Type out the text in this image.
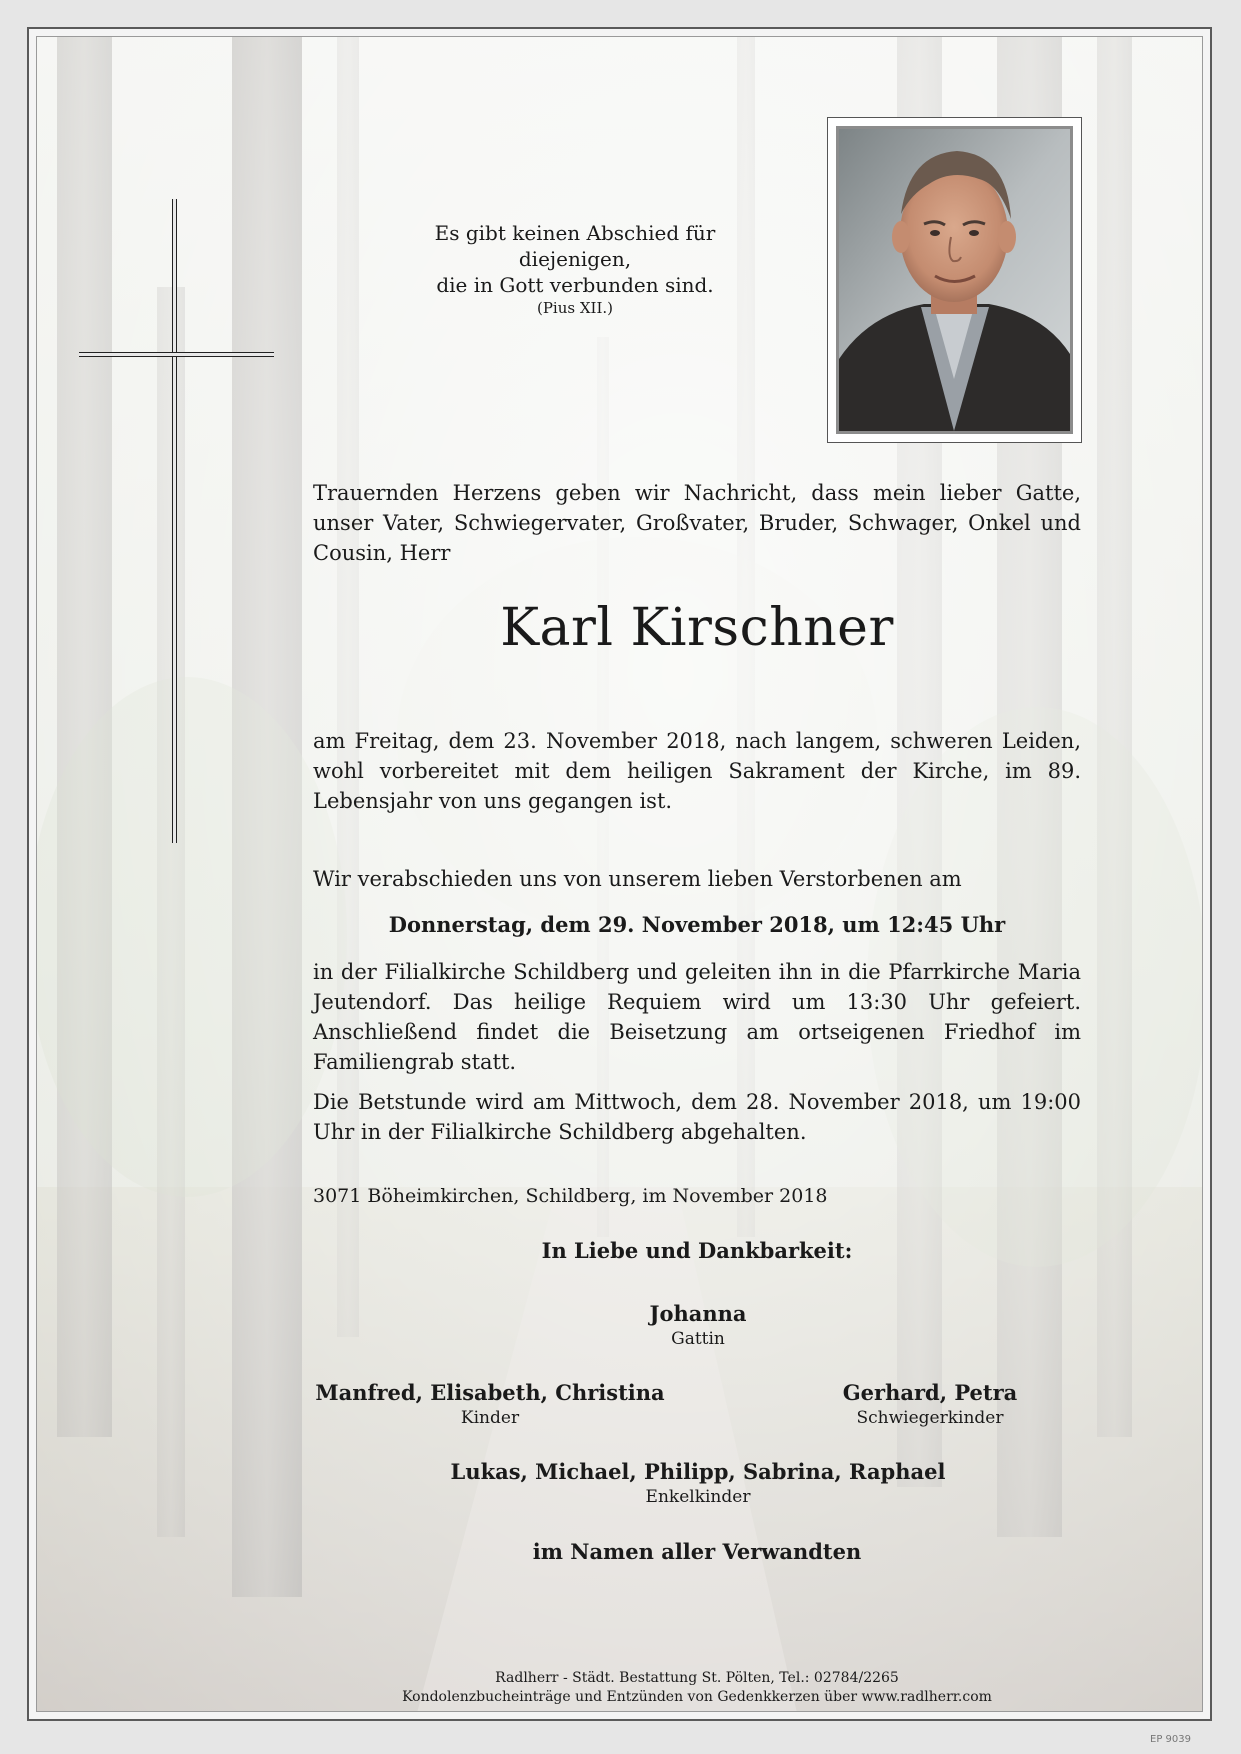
Es gibt keinen Abschied für
diejenigen,
die in Gott verbunden sind.
(Pius XII.)
Trauernden Herzens geben wir Nachricht, dass mein lieber Gatte, unser Vater, Schwiegervater, Großvater, Bruder, Schwager, Onkel und Cousin, Herr
Karl Kirschner
am Freitag, dem 23. November 2018, nach langem, schweren Leiden, wohl vorbereitet mit dem heiligen Sakrament der Kirche, im 89. Lebensjahr von uns gegangen ist.
Wir verabschieden uns von unserem lieben Verstorbenen am
Donnerstag, dem 29. November 2018, um 12:45 Uhr
in der Filialkirche Schildberg und geleiten ihn in die Pfarrkirche Maria Jeutendorf. Das heilige Requiem wird um 13:30 Uhr gefeiert. Anschließend findet die Beisetzung am ortseigenen Friedhof im Familiengrab statt.
Die Betstunde wird am Mittwoch, dem 28. November 2018, um 19:00 Uhr in der Filialkirche Schildberg abgehalten.
3071 Böheimkirchen, Schildberg, im November 2018
In Liebe und Dankbarkeit:
Johanna
Gattin
Manfred, Elisabeth, Christina
Kinder
Gerhard, Petra
Schwiegerkinder
Lukas, Michael, Philipp, Sabrina, Raphael
Enkelkinder
im Namen aller Verwandten
Radlherr - Städt. Bestattung St. Pölten, Tel.: 02784/2265
Kondolenzbucheinträge und Entzünden von Gedenkkerzen über www.radlherr.com
EP 9039
